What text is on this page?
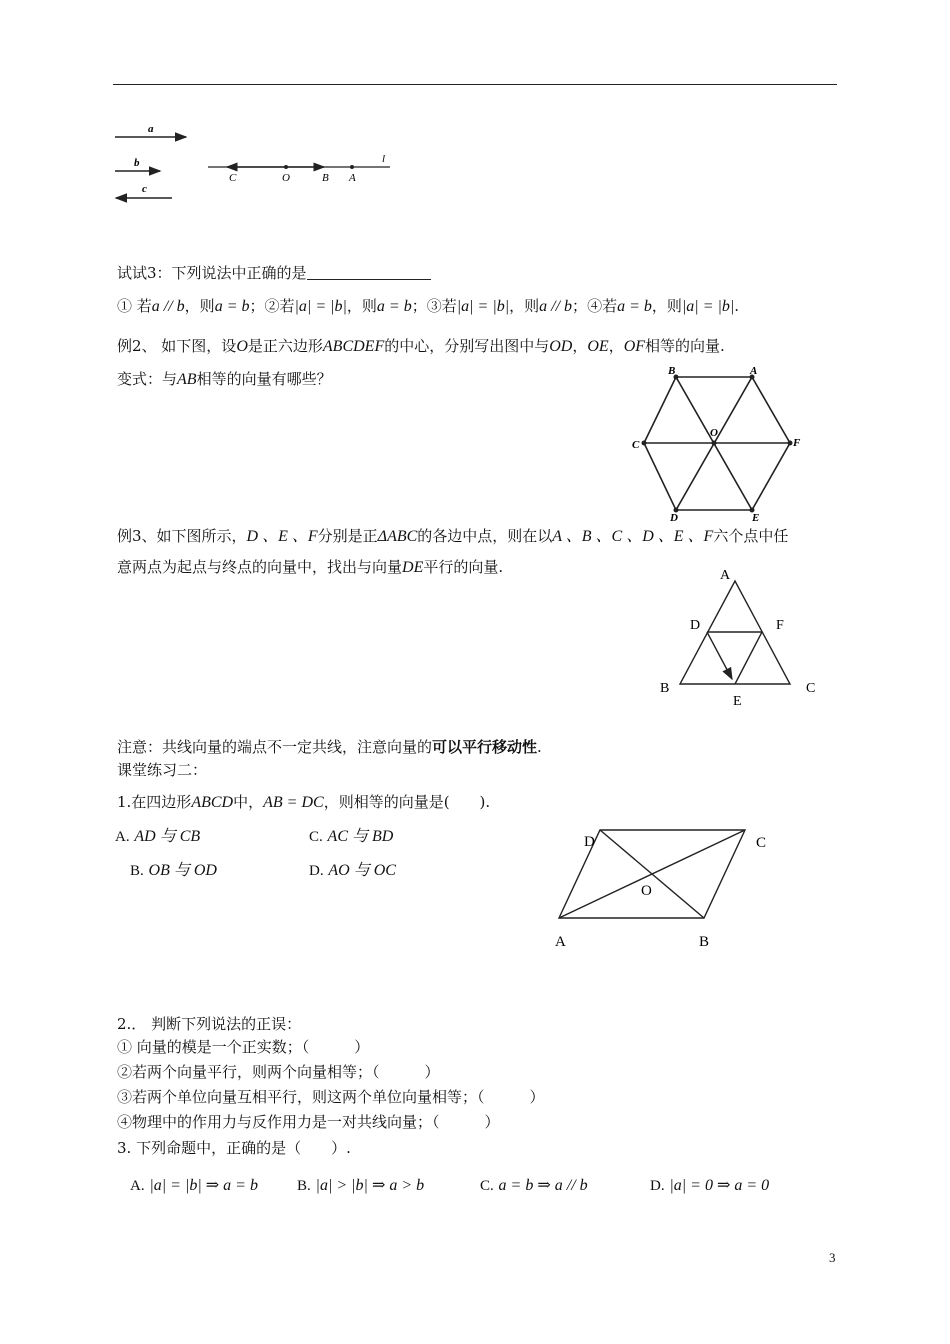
a
b
c
l
C	O	B A
试试3：下列说法中正确的是
① 若a // b，则a = b；②若|a| = |b|，则a = b；③若|a| = |b|，则a // b；④若a = b，则|a| = |b|.
例2、 如下图，设O是正六边形ABCDEF的中心，分别写出图中与OD，OE，OF相等的向量.
变式：与AB相等的向量有哪些？	B	A
C	F
O
D	E
例3、如下图所示，D 、E 、F分别是正ΔABC的各边中点，则在以A 、B 、C 、D 、E 、F六个点中任
意两点为起点与终点的向量中，找出与向量DE平行的向量.	A
D	F
B	C
E
注意：共线向量的端点不一定共线，注意向量的可以平行移动性.
课堂练习二：
1.在四边形ABCD中，AB = DC，则相等的向量是(　　).
A. AD 与 CB	C. AC 与 BD
B. OB 与 OD	D. AO 与 OC
D	C
O
A	B
2.． 判断下列说法的正误：
① 向量的模是一个正实数；（　　　）
②若两个向量平行，则两个向量相等；（　　　）
③若两个单位向量互相平行，则这两个单位向量相等；（　　　）
④物理中的作用力与反作用力是一对共线向量；（　　　）
3. 下列命题中，正确的是（　　）.
A. |a| = |b| ⇒ a = b	B. |a| > |b| ⇒ a > b	C. a = b ⇒ a // b	D. |a| = 0 ⇒ a = 0
3
